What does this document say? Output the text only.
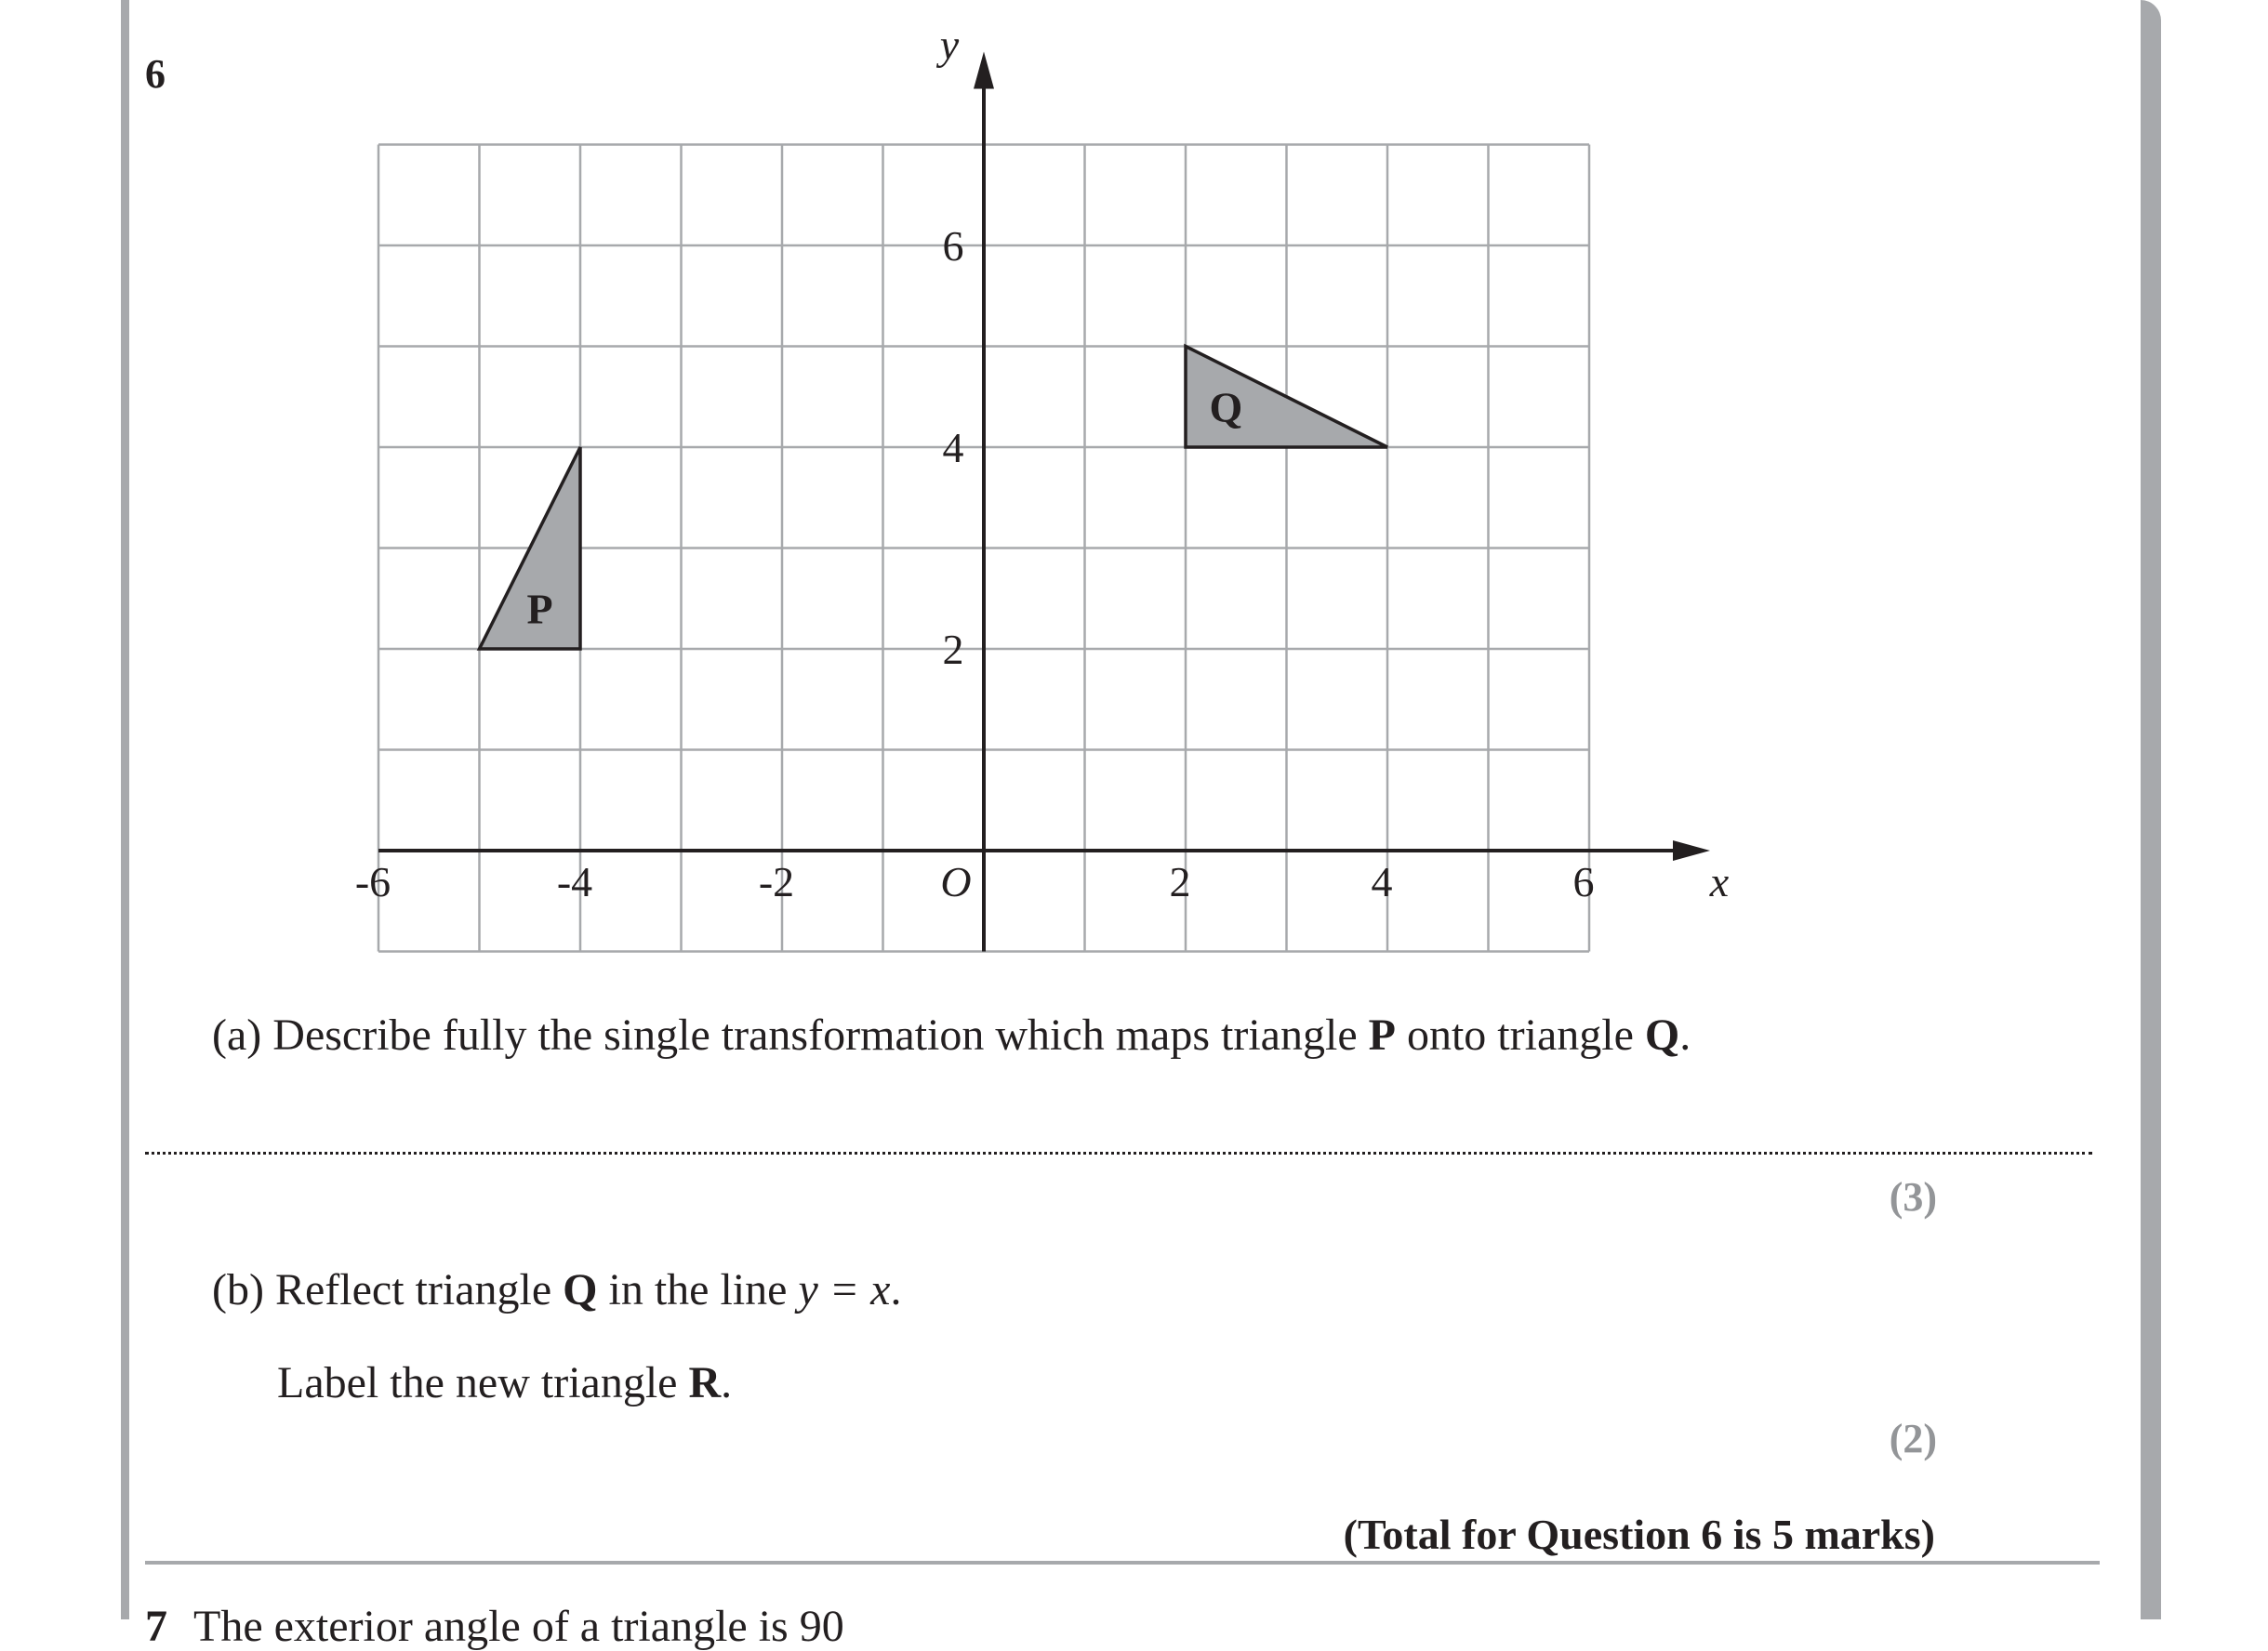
6
P
Q
-6	-4	-2	2	4	6
2
4
6
O	x
y
(a) Describe fully the single transformation which maps triangle P onto triangle Q.
(3)
(b) Reflect triangle Q in the line y = x.
Label the new triangle R.
(2)
(Total for Question 6 is 5 marks)
7 The exterior angle of a triangle is 90
